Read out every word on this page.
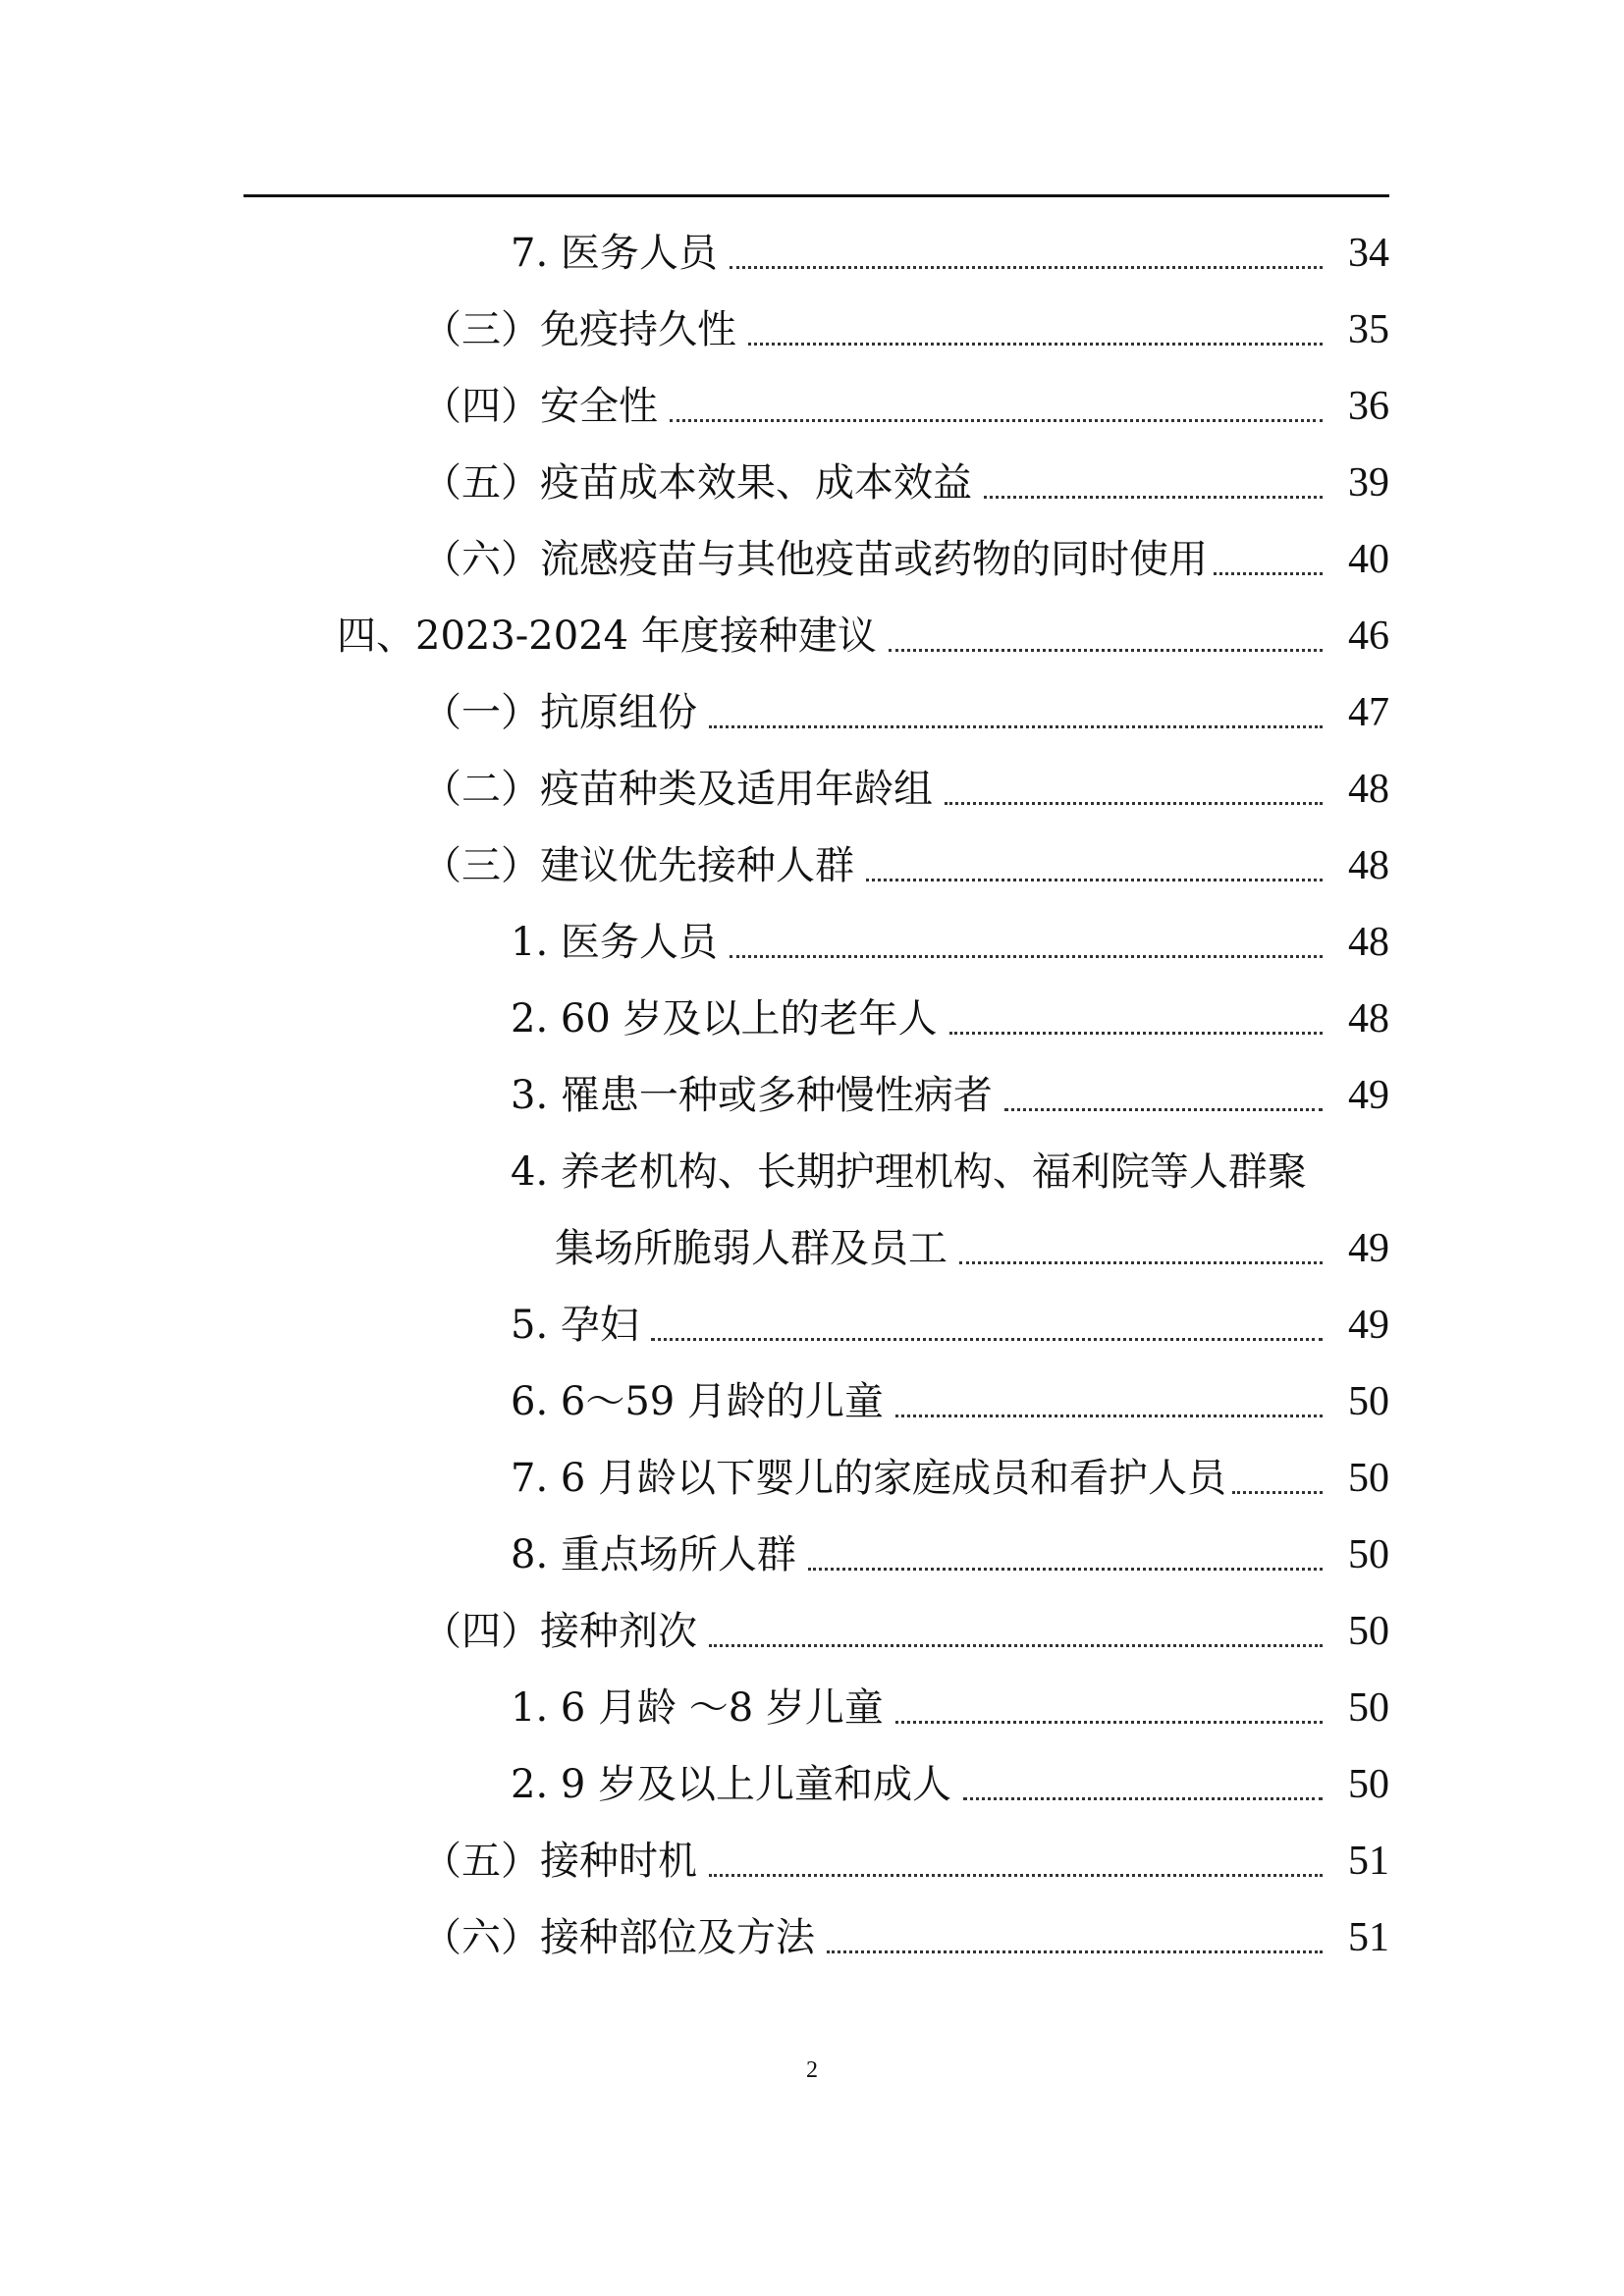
7. 医务人员	34
（三）免疫持久性	35
（四）安全性	36
（五）疫苗成本效果、成本效益	39
（六）流感疫苗与其他疫苗或药物的同时使用	40
四、2023-2024 年度接种建议	46
（一）抗原组份	47
（二）疫苗种类及适用年龄组	48
（三）建议优先接种人群	48
1. 医务人员	48
2. 60 岁及以上的老年人	48
3. 罹患一种或多种慢性病者	49
4. 养老机构、长期护理机构、福利院等人群聚
集场所脆弱人群及员工	49
5. 孕妇	49
6. 6～59 月龄的儿童	50
7. 6 月龄以下婴儿的家庭成员和看护人员	50
8. 重点场所人群	50
（四）接种剂次	50
1. 6 月龄 ～8 岁儿童	50
2. 9 岁及以上儿童和成人	50
（五）接种时机	51
（六）接种部位及方法	51
2
